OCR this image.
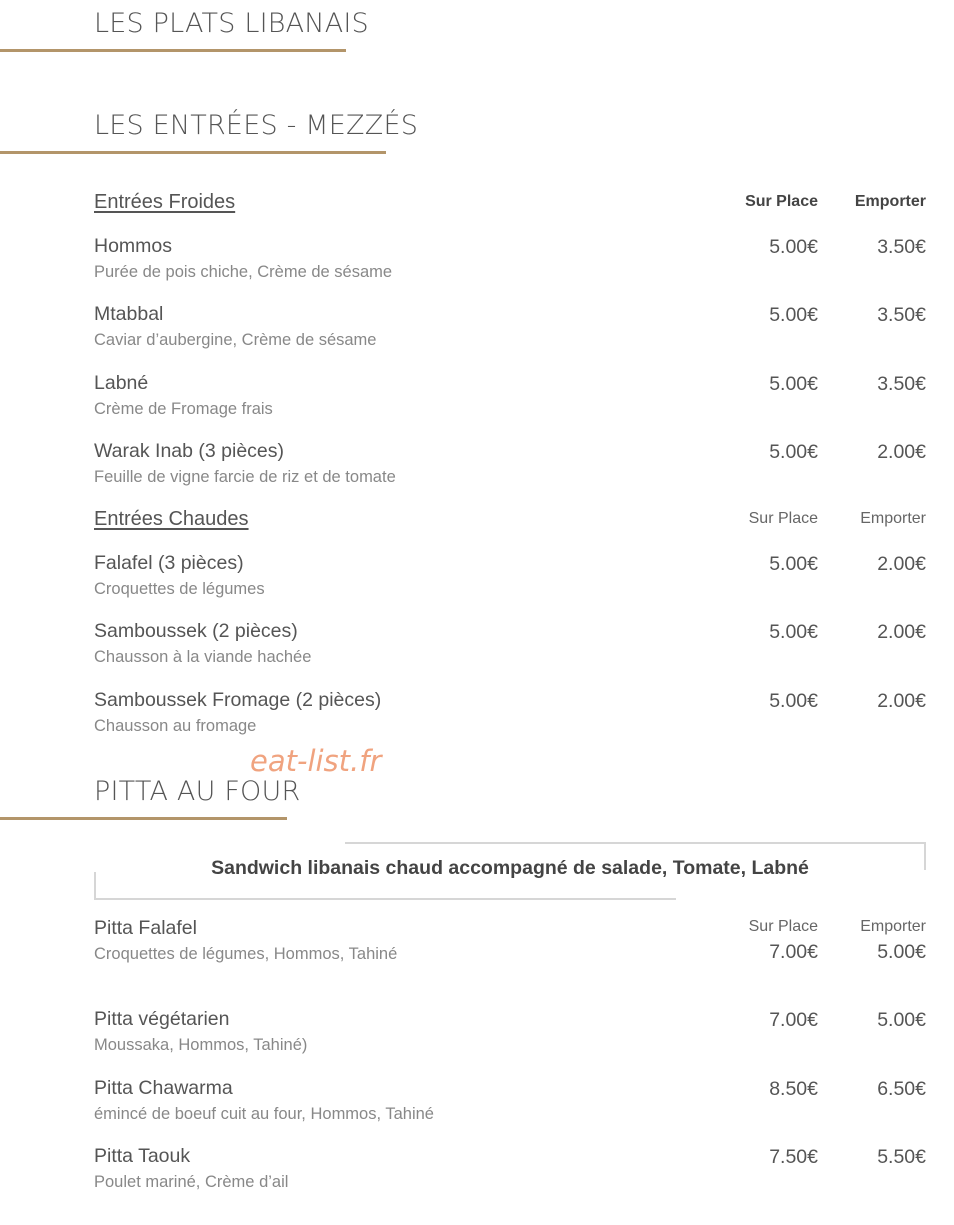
LES PLATS LIBANAIS
LES ENTRÉES - MEZZÉS
Entrées Froides	Sur Place Emporter
Hommos
Purée de pois chiche, Crème de sésame
5.00€	3.50€
Mtabbal
Caviar d’aubergine, Crème de sésame
5.00€	3.50€
Labné
Crème de Fromage frais
5.00€	3.50€
Warak Inab (3 pièces)
Feuille de vigne farcie de riz et de tomate
5.00€	2.00€
Entrées Chaudes	Sur Place	Emporter
Falafel (3 pièces)
Croquettes de légumes
5.00€	2.00€
Samboussek (2 pièces)
Chausson à la viande hachée
5.00€	2.00€
Samboussek Fromage (2 pièces)
Chausson au fromage
5.00€	2.00€
eat-list.fr
PITTA AU FOUR
Sandwich libanais chaud accompagné de salade, Tomate, Labné
Sur Place	Emporter
Pitta Falafel
Croquettes de légumes, Hommos, Tahiné	7.00€	5.00€
Pitta végétarien
Moussaka, Hommos, Tahiné)
7.00€	5.00€
Pitta Chawarma
émincé de boeuf cuit au four, Hommos, Tahiné
8.50€	6.50€
Pitta Taouk
Poulet mariné, Crème d’ail
7.50€	5.50€
